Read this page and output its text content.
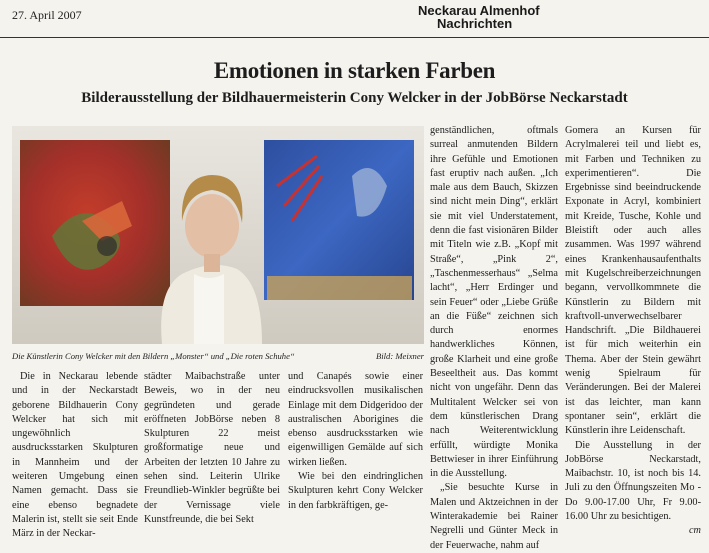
27. April 2007	Neckarau Almenhof
Nachrichten
Emotionen in starken Farben
Bilderausstellung der Bildhauermeisterin Cony Welcker in der JobBörse Neckarstadt
Die Künstlerin Cony Welcker mit den Bildern „Monster“ und „Die roten Schuhe“	Bild: Meixner

Die in Neckarau lebende und in der Neckarstadt geborene Bildhauerin Cony Welcker hat sich mit ungewöhnlich ausdrucksstarken Skulpturen in Mannheim und der weiteren Umgebung einen Namen gemacht. Dass sie eine ebenso begnadete Malerin ist, stellt sie seit Ende März in der Neckar-

städter Maibachstraße unter Beweis, wo in der neu gegründeten und gerade eröffneten JobBörse neben 8 Skulpturen 22 meist großformatige neue und Arbeiten der letzten 10 Jahre zu sehen sind. Leiterin Ulrike Freundlieb-Winkler begrüßte bei der Vernissage viele Kunstfreunde, die bei Sekt

und Canapés sowie einer eindrucksvollen musikalischen Einlage mit dem Didgeridoo der australischen Aborigines die ebenso ausdrucksstarken wie eigenwilligen Gemälde auf sich wirken ließen.

Wie bei den eindringlichen Skulpturen kehrt Cony Welcker in den farbkräftigen, ge-

genständlichen, oftmals surreal anmutenden Bildern ihre Gefühle und Emotionen fast eruptiv nach außen. „Ich male aus dem Bauch, Skizzen sind nicht mein Ding“, erklärt sie mit viel Understatement, denn die fast visionären Bilder mit Titeln wie z.B. „Kopf mit Straße“, „Pink 2“, „Taschenmesserhaus“ „Selma lacht“, „Herr Erdinger und sein Feuer“ oder „Liebe Grüße an die Füße“ zeichnen sich durch enormes handwerkliches Können, große Klarheit und eine große Beseeltheit aus. Das kommt nicht von ungefähr. Denn das Multitalent Welcker sei von dem künstlerischen Drang nach Weiterentwicklung erfüllt, würdigte Monika Bettwieser in ihrer Einführung in die Ausstellung.

„Sie besuchte Kurse in Malen und Aktzeichnen in der Winterakademie bei Rainer Negrelli und Günter Meck in der Feuerwache, nahm auf

Gomera an Kursen für Acrylmalerei teil und liebt es, mit Farben und Techniken zu experimentieren“. Die Ergebnisse sind beeindruckende Exponate in Acryl, kombiniert mit Kreide, Tusche, Kohle und Bleistift oder auch alles zusammen. Was 1997 während eines Krankenhausaufenthalts mit Kugelschreiberzeichnungen begann, vervollkommnete die Künstlerin zu Bildern mit kraftvoll-unverwechselbarer Handschrift. „Die Bildhauerei ist für mich weiterhin ein Thema. Aber der Stein gewährt wenig Spielraum für Veränderungen. Bei der Malerei ist das leichter, man kann spontaner sein“, erklärt die Künstlerin ihre Leidenschaft.

Die Ausstellung in der JobBörse Neckarstadt, Maibachstr. 10, ist noch bis 14. Juli zu den Öffnungszeiten Mo - Do 9.00-17.00 Uhr, Fr 9.00-16.00 Uhr zu besichtigen.

cm
